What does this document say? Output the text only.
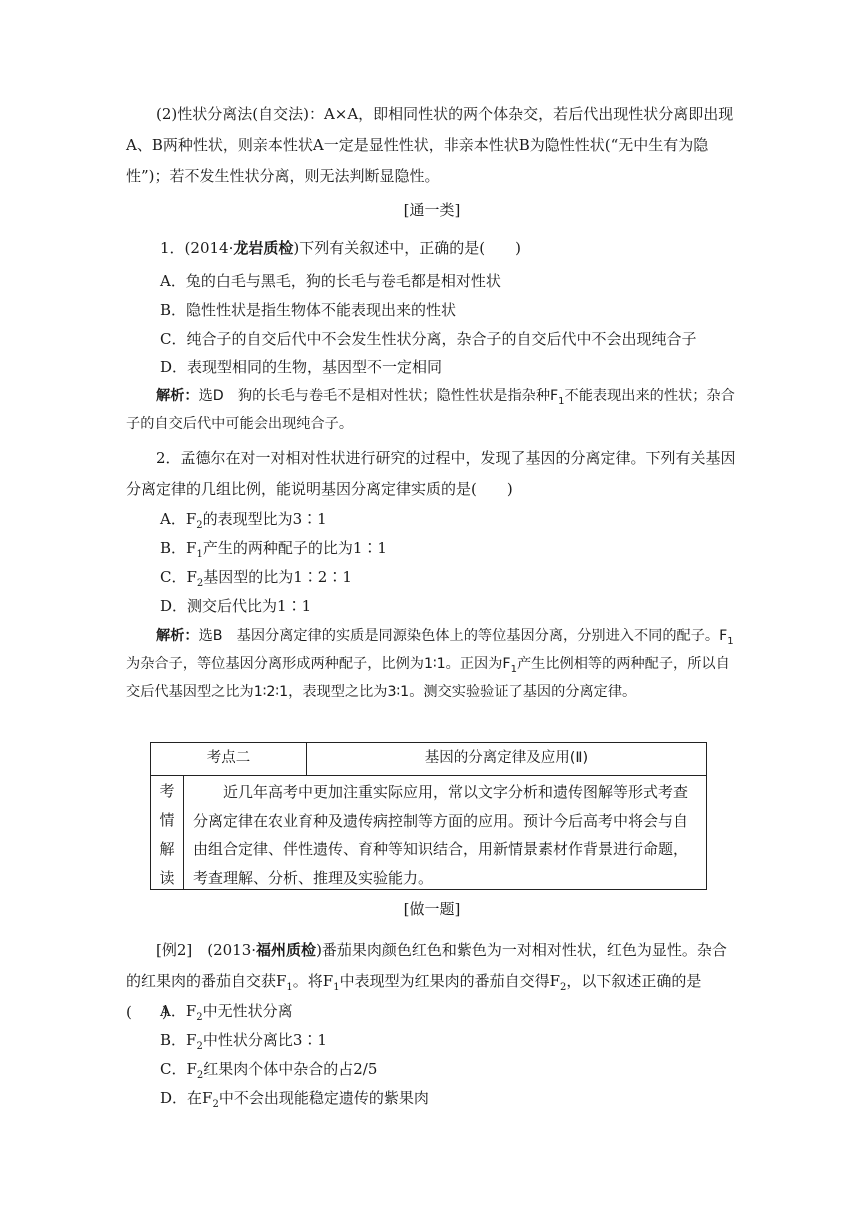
(2)性状分离法(自交法)：A×A，即相同性状的两个体杂交，若后代出现性状分离即出现A、B两种性状，则亲本性状A一定是显性性状，非亲本性状B为隐性性状(“无中生有为隐性”)；若不发生性状分离，则无法判断显隐性。

[通一类]

1．(2014·龙岩质检)下列有关叙述中，正确的是(　　)

A．兔的白毛与黑毛，狗的长毛与卷毛都是相对性状

B．隐性性状是指生物体不能表现出来的性状

C．纯合子的自交后代中不会发生性状分离，杂合子的自交后代中不会出现纯合子

D．表现型相同的生物，基因型不一定相同

解析：选D　狗的长毛与卷毛不是相对性状；隐性性状是指杂种$F_1$不能表现出来的性状；杂合子的自交后代中可能会出现纯合子。

2．孟德尔在对一对相对性状进行研究的过程中，发现了基因的分离定律。下列有关基因分离定律的几组比例，能说明基因分离定律实质的是(　　)

A．$F_2$的表现型比为3∶1

B．$F_1$产生的两种配子的比为1∶1

C．$F_2$基因型的比为1∶2∶1

D．测交后代比为1∶1

解析：选B　基因分离定律的实质是同源染色体上的等位基因分离，分别进入不同的配子。$F_1$为杂合子，等位基因分离形成两种配子，比例为1∶1。正因为$F_1$产生比例相等的两种配子，所以自交后代基因型之比为1∶2∶1，表现型之比为3∶1。测交实验验证了基因的分离定律。

考点二	基因的分离定律及应用(Ⅱ)
考
情
解
读

近几年高考中更加注重实际应用，常以文字分析和遗传图解等形式考查分离定律在农业育种及遗传病控制等方面的应用。预计今后高考中将会与自由组合定律、伴性遗传、育种等知识结合，用新情景素材作背景进行命题，考查理解、分析、推理及实验能力。

[做一题]

[例2]　(2013·福州质检)番茄果肉颜色红色和紫色为一对相对性状，红色为显性。杂合的红果肉的番茄自交获$F_1$。将$F_1$中表现型为红果肉的番茄自交得$F_2$，以下叙述正确的是(　　)

A．$F_2$中无性状分离

B．$F_2$中性状分离比3∶1

C．$F_2$红果肉个体中杂合的占2/5

D．在$F_2$中不会出现能稳定遗传的紫果肉
